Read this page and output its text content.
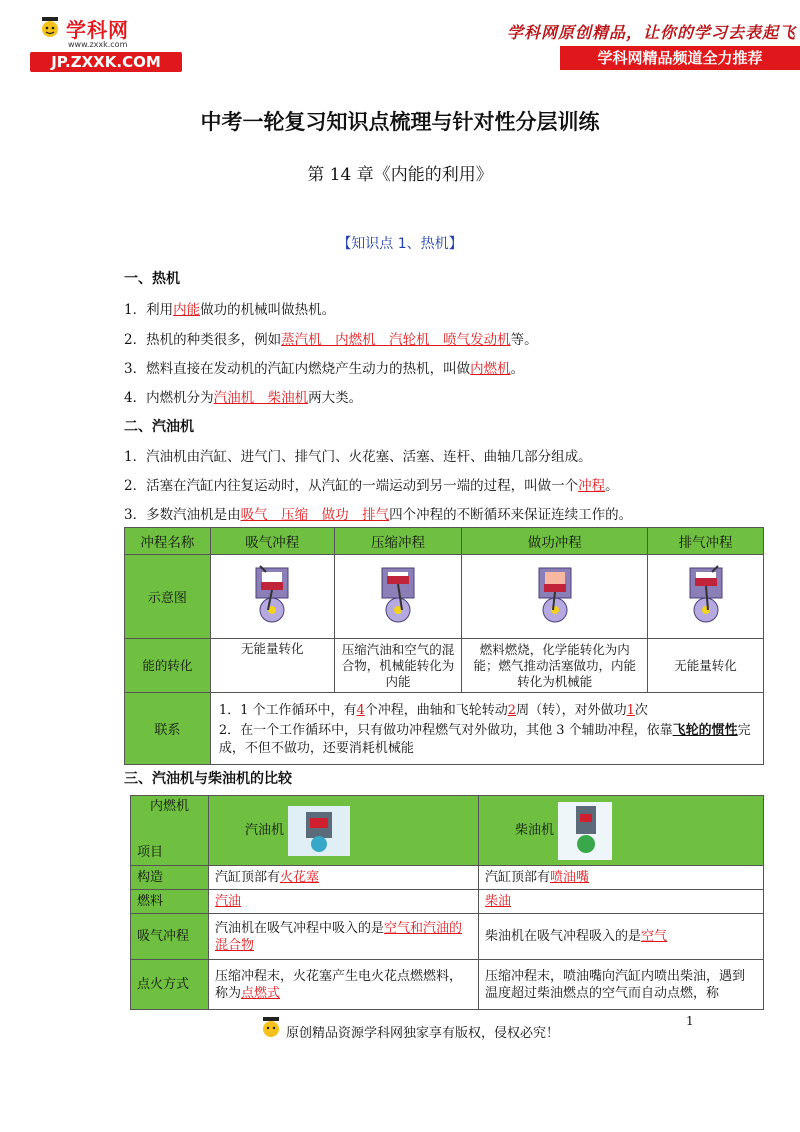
学科网
www.zxxk.com
JP.ZXXK.COM
学科网原创精品，让你的学习去表起飞
学科网精品频道全力推荐
中考一轮复习知识点梳理与针对性分层训练
第 14 章《内能的利用》
【知识点 1、热机】
一、热机
1．利用内能做功的机械叫做热机。
2．热机的种类很多，例如蒸汽机　内燃机　汽轮机　喷气发动机等。
3．燃料直接在发动机的汽缸内燃烧产生动力的热机，叫做内燃机。
4．内燃机分为汽油机　柴油机两大类。
二、汽油机
1．汽油机由汽缸、进气门、排气门、火花塞、活塞、连杆、曲轴几部分组成。
2．活塞在汽缸内往复运动时，从汽缸的一端运动到另一端的过程，叫做一个冲程。
3．多数汽油机是由吸气　压缩　做功　排气四个冲程的不断循环来保证连续工作的。
冲程名称	吸气冲程	压缩冲程	做功冲程	排气冲程
示意图				
能的转化	无能量转化	压缩汽油和空气的混合物，机械能转化为内能	燃料燃烧，化学能转化为内能；燃气推动活塞做功，内能转化为机械能	无能量转化
联系	1．1 个工作循环中，有4个冲程，曲轴和飞轮转动2周（转），对外做功1次
2．在一个工作循环中，只有做功冲程燃气对外做功，其他 3 个辅助冲程，依靠飞轮的惯性完成，不但不做功，还要消耗机械能			
三、汽油机与柴油机的比较
内燃机
项目	汽油机	柴油机
构造	汽缸顶部有火花塞	汽缸顶部有喷油嘴
燃料	汽油	柴油
吸气冲程	汽油机在吸气冲程中吸入的是空气和汽油的混合物	柴油机在吸气冲程吸入的是空气
点火方式	压缩冲程末，火花塞产生电火花点燃燃料，称为点燃式	压缩冲程末，喷油嘴向汽缸内喷出柴油，遇到温度超过柴油燃点的空气而自动点燃，称
1
原创精品资源学科网独家享有版权，侵权必究！
